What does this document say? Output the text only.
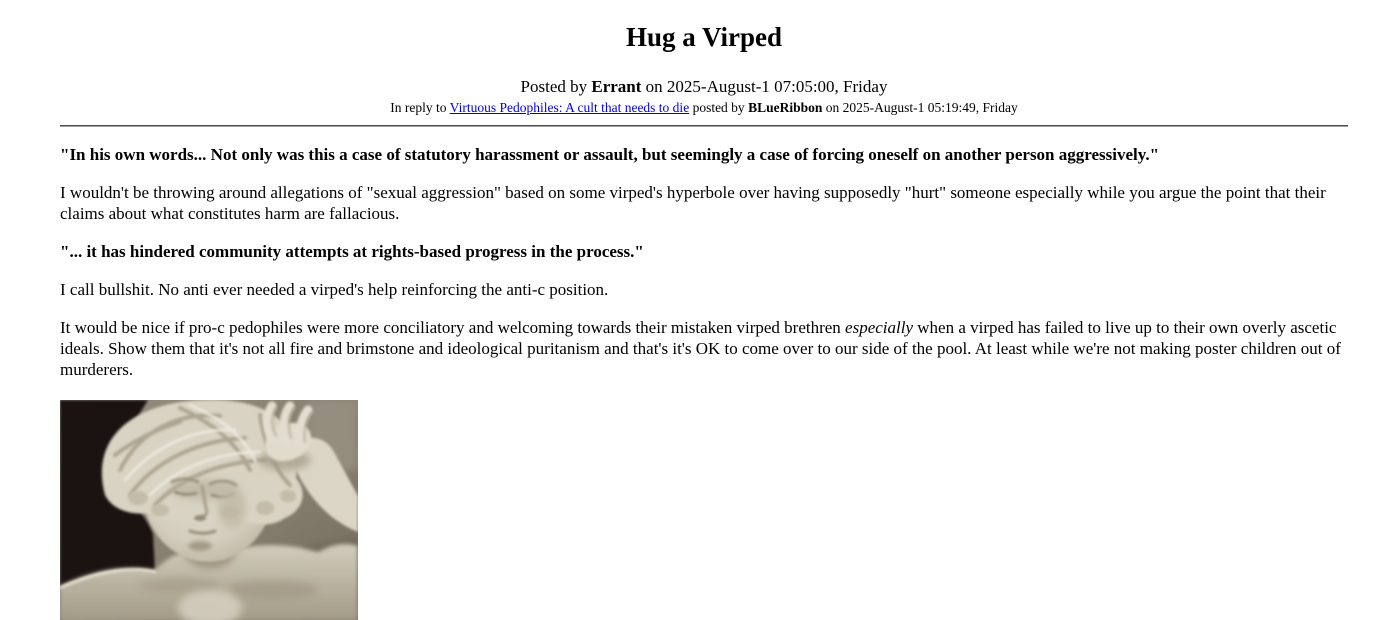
Hug a Virped
Posted by Errant on 2025-August-1 07:05:00, Friday
In reply to Virtuous Pedophiles: A cult that needs to die posted by BLueRibbon on 2025-August-1 05:19:49, Friday

"In his own words... Not only was this a case of statutory harassment or assault, but seemingly a case of forcing oneself on another person aggressively."

I wouldn't be throwing around allegations of "sexual aggression" based on some virped's hyperbole over having supposedly "hurt" someone especially while you argue the point that their claims about what constitutes harm are fallacious.

"... it has hindered community attempts at rights-based progress in the process."

I call bullshit. No anti ever needed a virped's help reinforcing the anti-c position.

It would be nice if pro-c pedophiles were more conciliatory and welcoming towards their mistaken virped brethren especially when a virped has failed to live up to their own overly ascetic ideals. Show them that it's not all fire and brimstone and ideological puritanism and that's it's OK to come over to our side of the pool. At least while we're not making poster children out of murderers.
